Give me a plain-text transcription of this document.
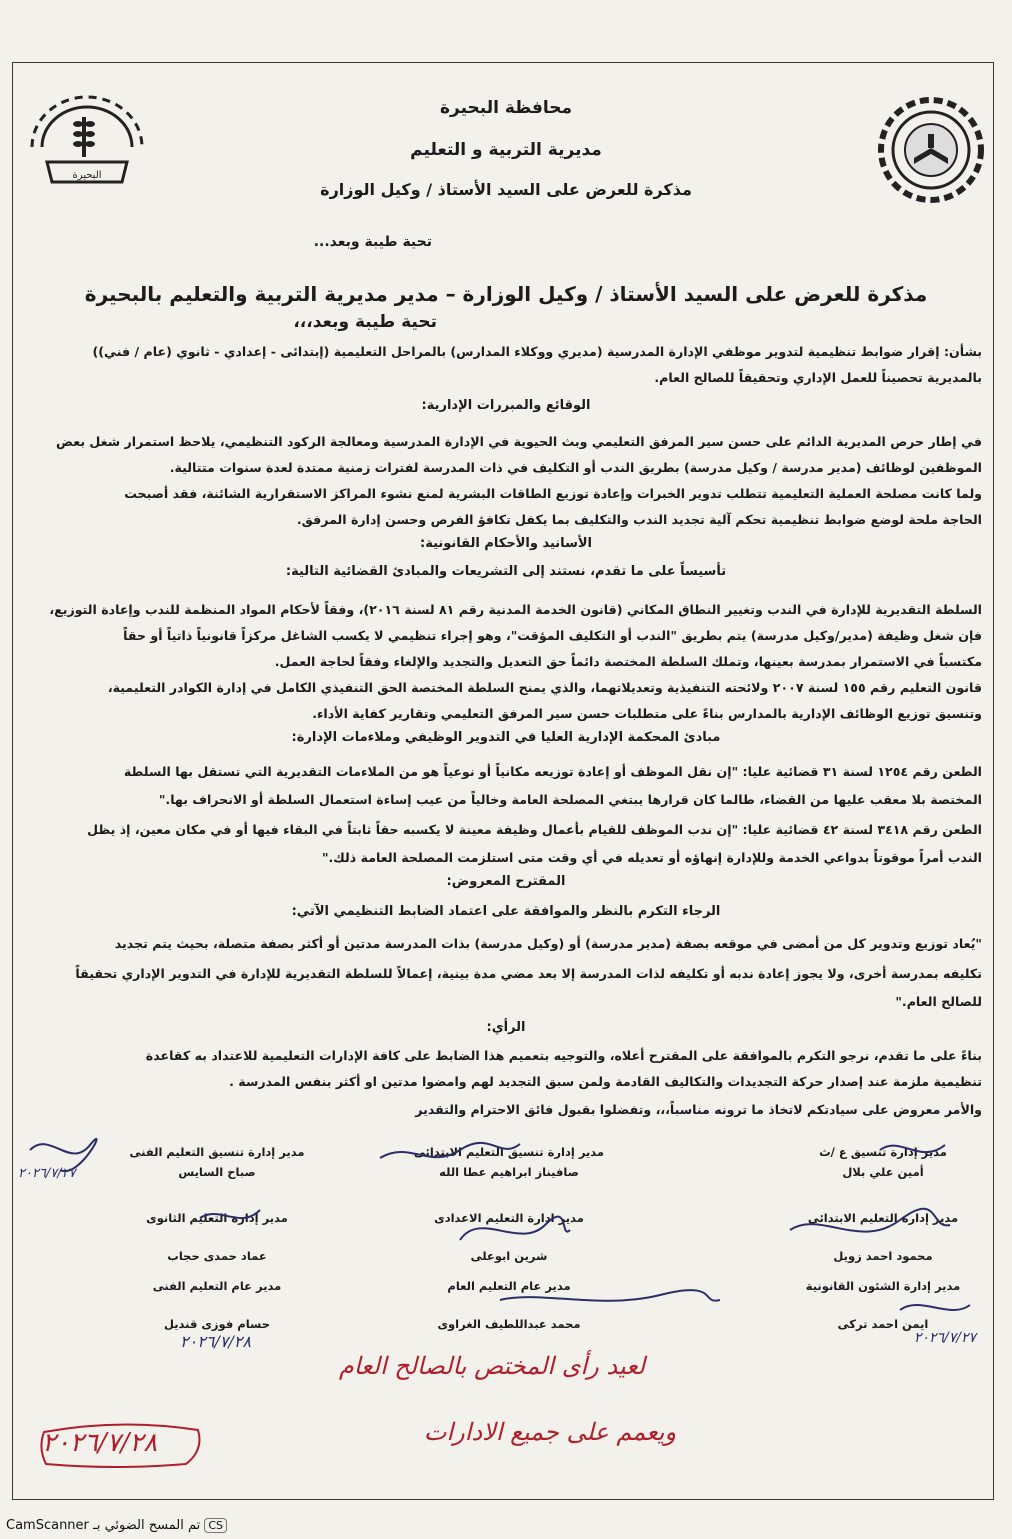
البحيرة
محافظة البحيرة
مديرية التربية و التعليم
مذكرة للعرض على السيد الأستاذ / وكيل الوزارة
تحية طيبة وبعد...
مذكرة للعرض على السيد الأستاذ / وكيل الوزارة – مدير مديرية التربية والتعليم بالبحيرة
تحية طيبة وبعد،،،
بشأن: إقرار ضوابط تنظيمية لتدوير موظفي الإدارة المدرسية (مديري ووكلاء المدارس) بالمراحل التعليمية (إبتدائى - إعدادي - ثانوي (عام / فني))
بالمديرية تحصيناً للعمل الإداري وتحقيقاً للصالح العام.
الوقائع والمبررات الإدارية:
في إطار حرص المديرية الدائم على حسن سير المرفق التعليمي وبث الحيوية في الإدارة المدرسية ومعالجة الركود التنظيمي، يلاحظ استمرار شغل بعض
الموظفين لوظائف (مدير مدرسة / وكيل مدرسة) بطريق الندب أو التكليف في ذات المدرسة لفترات زمنية ممتدة لعدة سنوات متتالية.
ولما كانت مصلحة العملية التعليمية تتطلب تدوير الخبرات وإعادة توزيع الطاقات البشرية لمنع نشوء المراكز الاستقرارية الشائنة، فقد أصبحت
الحاجة ملحة لوضع ضوابط تنظيمية تحكم آلية تجديد الندب والتكليف بما يكفل تكافؤ الفرص وحسن إدارة المرفق.
الأسانيد والأحكام القانونية:
تأسيساً على ما تقدم، نستند إلى التشريعات والمبادئ القضائية التالية:
السلطة التقديرية للإدارة في الندب وتغيير النطاق المكاني (قانون الخدمة المدنية رقم ٨١ لسنة ٢٠١٦)، وفقاً لأحكام المواد المنظمة للندب وإعادة التوزيع،
فإن شغل وظيفة (مدير/وكيل مدرسة) يتم بطريق "الندب أو التكليف المؤقت"، وهو إجراء تنظيمي لا يكسب الشاغل مركزاً قانونياً ذاتياً أو حقاً
مكتسباً في الاستمرار بمدرسة بعينها، وتملك السلطة المختصة دائماً حق التعديل والتجديد والإلغاء وفقاً لحاجة العمل.
قانون التعليم رقم ١٥٥ لسنة ٢٠٠٧ ولائحته التنفيذية وتعديلاتهما، والذي يمنح السلطة المختصة الحق التنفيذي الكامل في إدارة الكوادر التعليمية،
وتنسيق توزيع الوظائف الإدارية بالمدارس بناءً على متطلبات حسن سير المرفق التعليمي وتقارير كفاية الأداء.
مبادئ المحكمة الإدارية العليا في التدوير الوظيفي وملاءمات الإدارة:
الطعن رقم ١٢٥٤ لسنة ٣١ قضائية عليا: "إن نقل الموظف أو إعادة توزيعه مكانياً أو نوعياً هو من الملاءمات التقديرية التي تستقل بها السلطة
المختصة بلا معقب عليها من القضاء، طالما كان قرارها يبتغي المصلحة العامة وخالياً من عيب إساءة استعمال السلطة أو الانحراف بها."
الطعن رقم ٣٤١٨ لسنة ٤٢ قضائية عليا: "إن ندب الموظف للقيام بأعمال وظيفة معينة لا يكسبه حقاً ثابتاً في البقاء فيها أو في مكان معين، إذ يظل
الندب أمراً موقوتاً بدواعي الخدمة وللإدارة إنهاؤه أو تعديله في أي وقت متى استلزمت المصلحة العامة ذلك."
المقترح المعروض:
الرجاء التكرم بالنظر والموافقة على اعتماد الضابط التنظيمي الآتي:
"يُعاد توزيع وتدوير كل من أمضى في موقعه بصفة (مدير مدرسة) أو (وكيل مدرسة) بذات المدرسة مدتين أو أكثر بصفة متصلة، بحيث يتم تجديد
تكليفه بمدرسة أخرى، ولا يجوز إعادة ندبه أو تكليفه لذات المدرسة إلا بعد مضي مدة بينية، إعمالاً للسلطة التقديرية للإدارة في التدوير الإداري تحقيقاً
للصالح العام."
الرأي:
بناءً على ما تقدم، نرجو التكرم بالموافقة على المقترح أعلاه، والتوجيه بتعميم هذا الضابط على كافة الإدارات التعليمية للاعتداد به كقاعدة
تنظيمية ملزمة عند إصدار حركة التجديدات والتكاليف القادمة ولمن سبق التجديد لهم وامضوا مدتين او أكثر بنفس المدرسة .
والأمر معروض على سيادتكم لاتخاذ ما ترونه مناسباً،،، وتفضلوا بقبول فائق الاحترام والتقدير
مدير إدارة تنسيق ع /ث
أمين علي بلال
مدير إدارة تنسيق التعليم الابتدائى
صافيناز ابراهيم عطا الله
مدير إدارة تنسيق التعليم الفنى
صباح السايس
مدير إدارة التعليم الابتدائى
محمود احمد زويل
مدير ادارة التعليم الاعدادى
شرين ابوعلى
مدير إدارة التعليم الثانوى
عماد حمدى حجاب
مدير إدارة الشئون القانونية
ايمن احمد تركى
مدير عام التعليم العام
محمد عبداللطيف الغراوى
مدير عام التعليم الفنى
حسام فوزى قنديل
لعيد رأى المختص بالصالح العام
ويعمم على جميع الادارات
٢٠٢٦/٧/٢٨
٢٠٢٦/٧/٢٨
٢٠٢٦/٧/٢٧
٢٠٢٦/٧/٢٧
CS تم المسح الضوئي بـ CamScanner
